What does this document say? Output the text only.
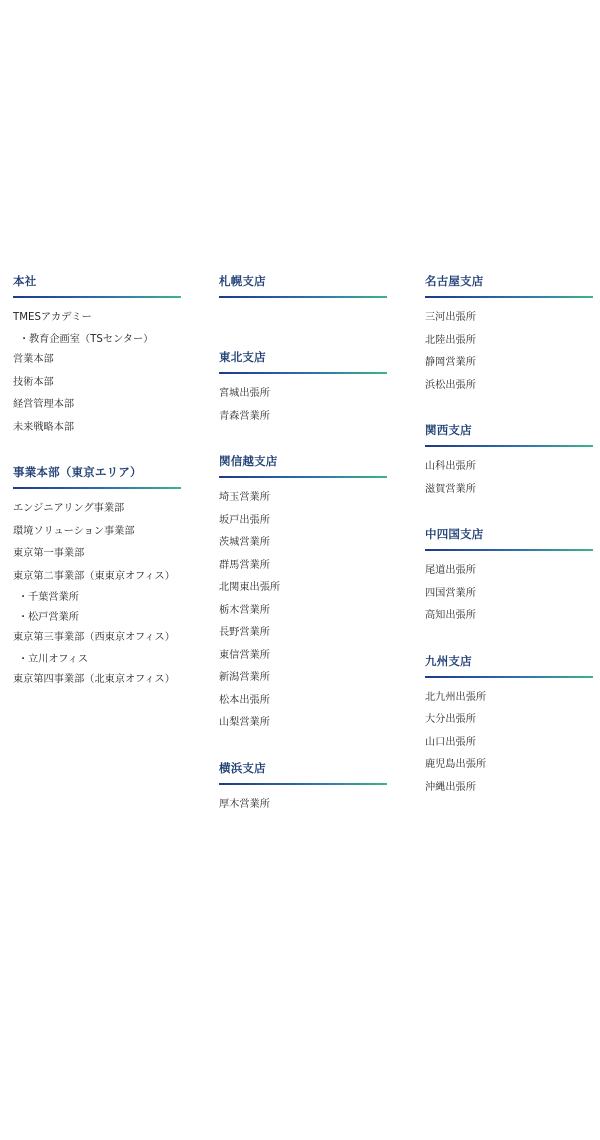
本社
TMESアカデミー
・教育企画室（TSセンター）
営業本部
技術本部
経営管理本部
未来戦略本部
事業本部（東京エリア）
エンジニアリング事業部
環境ソリューション事業部
東京第一事業部
東京第二事業部（東東京オフィス）
・千葉営業所
・松戸営業所
東京第三事業部（西東京オフィス）
・立川オフィス
東京第四事業部（北東京オフィス）
札幌支店
東北支店
宮城出張所
青森営業所
関信越支店
埼玉営業所
坂戸出張所
茨城営業所
群馬営業所
北関東出張所
栃木営業所
長野営業所
東信営業所
新潟営業所
松本出張所
山梨営業所
横浜支店
厚木営業所
名古屋支店
三河出張所
北陸出張所
静岡営業所
浜松出張所
関西支店
山科出張所
滋賀営業所
中四国支店
尾道出張所
四国営業所
高知出張所
九州支店
北九州出張所
大分出張所
山口出張所
鹿児島出張所
沖縄出張所
